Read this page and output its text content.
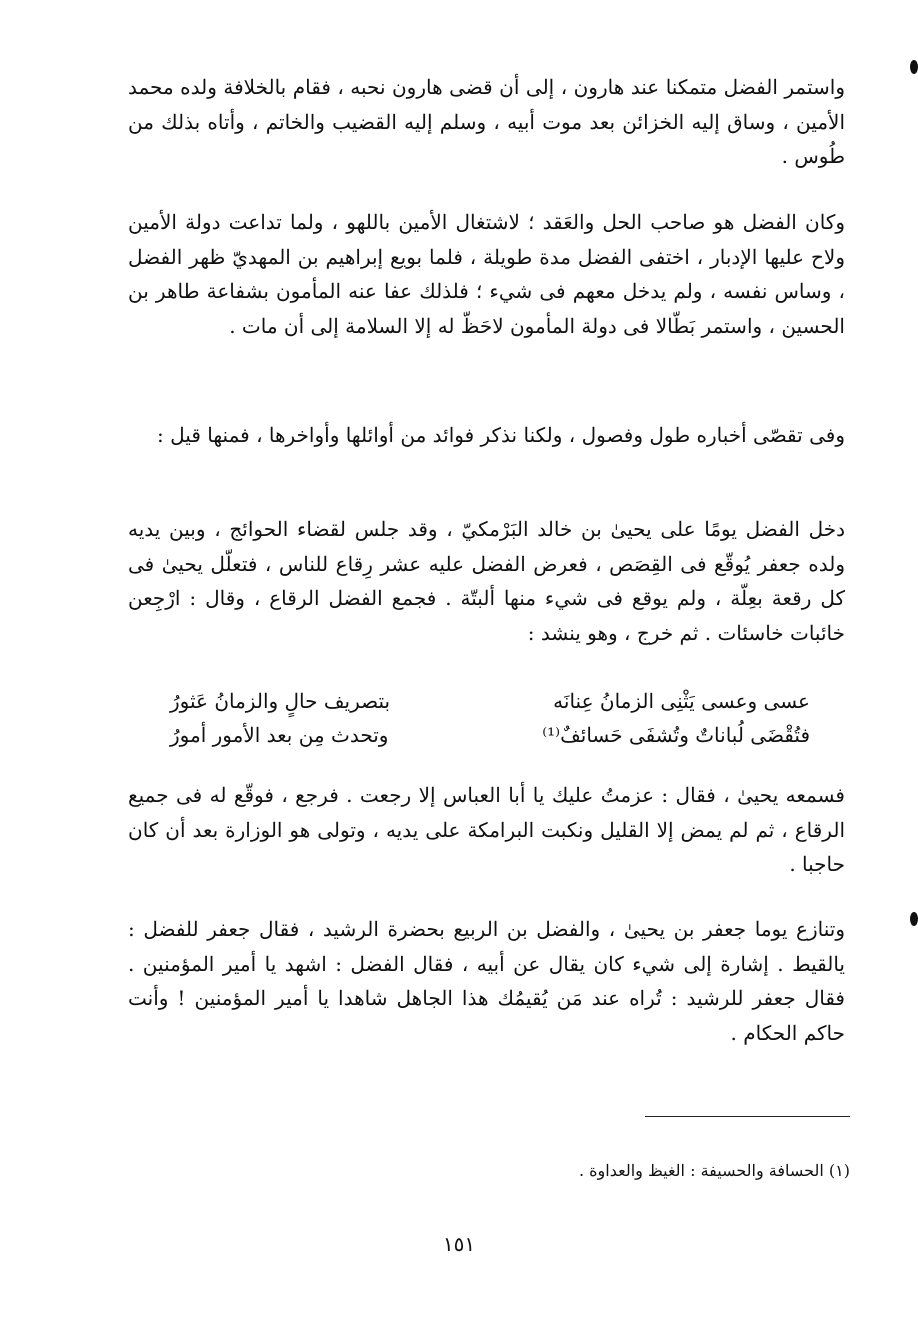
واستمر الفضل متمكنا عند هارون ، إلى أن قضى هارون نحبه ، فقام بالخلافة ولده محمد الأمين ، وساق إليه الخزائن بعد موت أبيه ، وسلم إليه القضيب والخاتم ، وأتاه بذلك من طُوس .

وكان الفضل هو صاحب الحل والعَقد ؛ لاشتغال الأمين باللهو ، ولما تداعت دولة الأمين ولاح عليها الإدبار ، اختفى الفضل مدة طويلة ، فلما بويع إبراهيم بن المهديّ ظهر الفضل ، وساس نفسه ، ولم يدخل معهم فى شيء ؛ فلذلك عفا عنه المأمون بشفاعة طاهر بن الحسين ، واستمر بَطّالا فى دولة المأمون لاحَظّ له إلا السلامة إلى أن مات .

وفى تقصّى أخباره طول وفصول ، ولكنا نذكر فوائد من أوائلها وأواخرها ، فمنها قيل :

دخل الفضل يومًا على يحيىٰ بن خالد البَرْمكيّ ، وقد جلس لقضاء الحوائج ، وبين يديه ولده جعفر يُوقّع فى القِصَص ، فعرض الفضل عليه عشر رِقاع للناس ، فتعلّل يحيىٰ فى كل رقعة بعِلّة ، ولم يوقع فى شيء منها ألبتّة . فجمع الفضل الرقاع ، وقال : ارْجِعن خائبات خاسئات . ثم خرج ، وهو ينشد :

عسى وعسى يَثْنِى الزمانُ عِنانَه
بتصريف حالٍ والزمانُ عَثورُ
فتُقْضَى لُباناتٌ وتُشفَى حَسائفٌ⁽¹⁾
وتحدث مِن بعد الأمور أمورُ

فسمعه يحيىٰ ، فقال : عزمتُ عليك يا أبا العباس إلا رجعت . فرجع ، فوقّع له فى جميع الرقاع ، ثم لم يمض إلا القليل ونكبت البرامكة على يديه ، وتولى هو الوزارة بعد أن كان حاجبا .

وتنازع يوما جعفر بن يحيىٰ ، والفضل بن الربيع بحضرة الرشيد ، فقال جعفر للفضل : يالقيط . إشارة إلى شيء كان يقال عن أبيه ، فقال الفضل : اشهد يا أمير المؤمنين . فقال جعفر للرشيد : تُراه عند مَن يُقيمُك هذا الجاهل شاهدا يا أمير المؤمنين ! وأنت حاكم الحكام .

(١) الحسافة والحسيفة : الغيظ والعداوة .
١٥١
